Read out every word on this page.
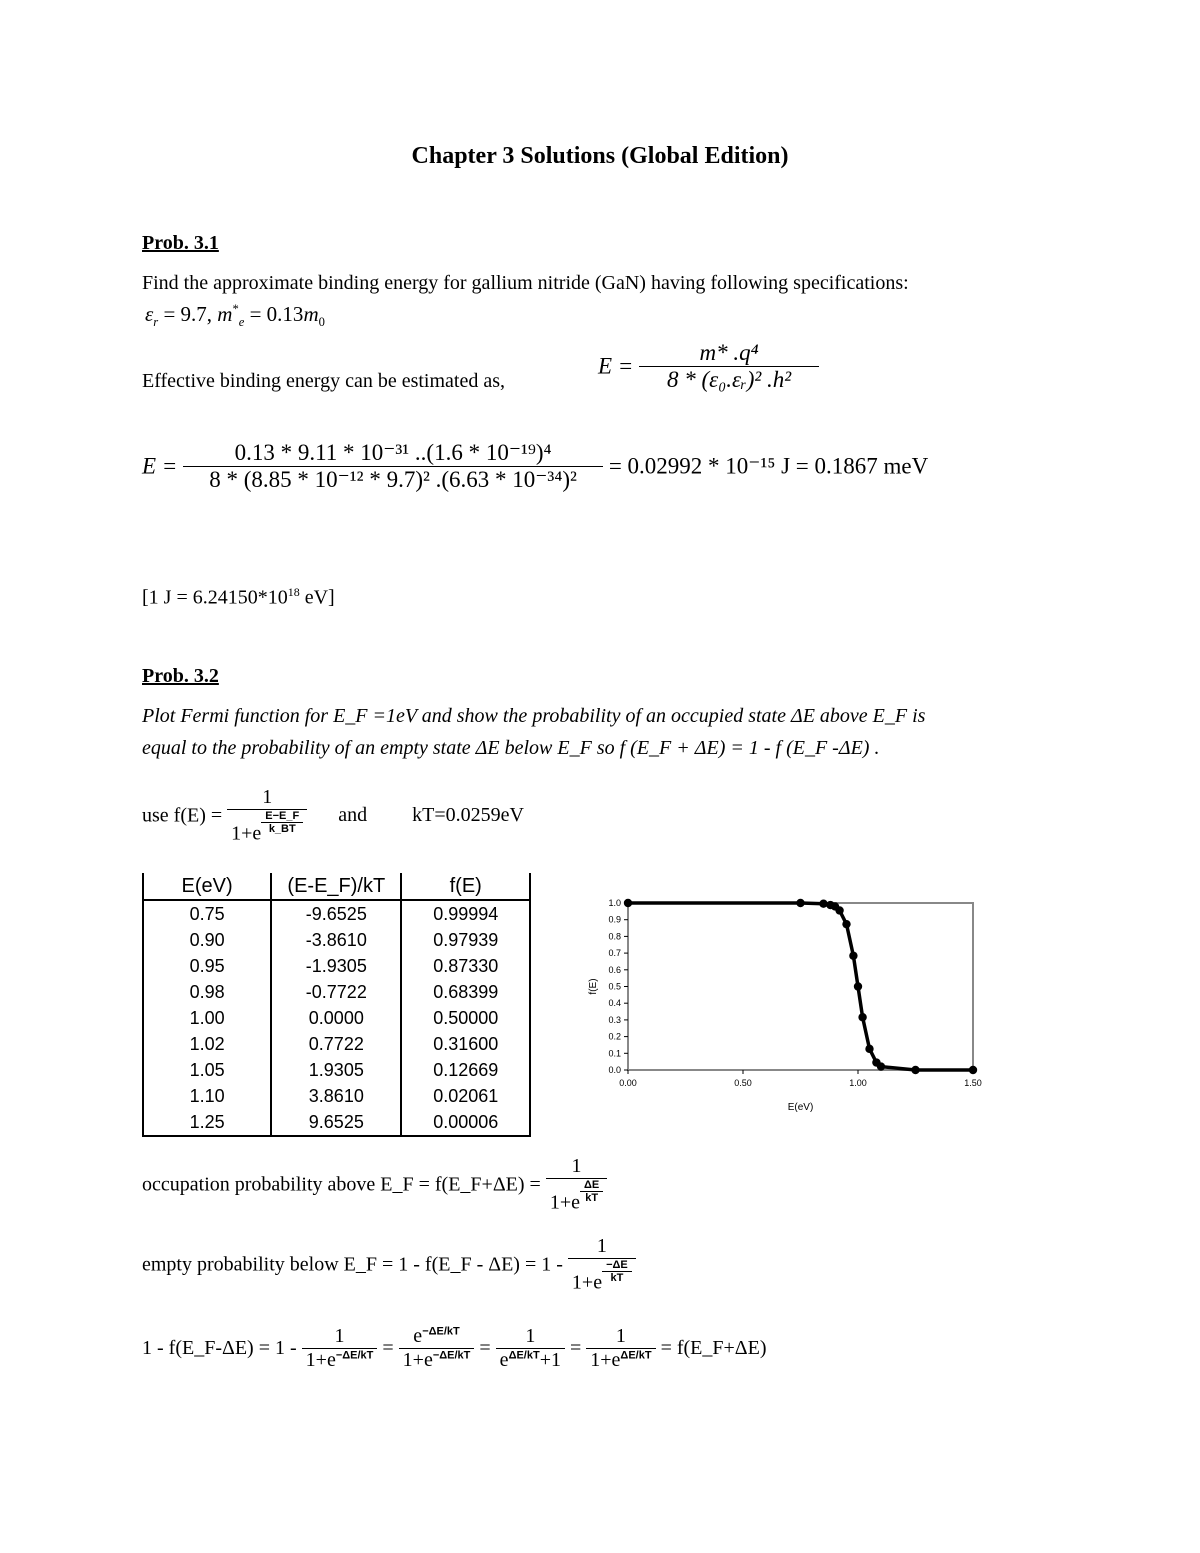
Chapter 3 Solutions (Global Edition)
Prob. 3.1
Find the approximate binding energy for gallium nitride (GaN) having following specifications:
$\varepsilon_r = 9.7$, $m^*_e = 0.13m_0$
Effective binding energy can be estimated as,
$E = \frac{\text{m* .q⁴}}{\text{8 * (ε₀.εᵣ)² .h²}}$
$E = \frac{\text{0.13 * 9.11 * 10⁻³¹ ..(1.6 * 10⁻¹⁹)⁴}}{\text{8 * (8.85 * 10⁻¹² * 9.7)² .(6.63 * 10⁻³⁴)²}} = 0.02992 * 10^{-15}$ J = 0.1867 meV
[1 $J = 6.24150*10^{18}$ eV]
Prob. 3.2
Plot Fermi function for E_F =1eV and show the probability of an occupied state ΔE above E_F is
equal to the probability of an empty state ΔE below E_F so f (E_F + ΔE) = 1 - f (E_F -ΔE) .
use $f(E) = \frac{1}{1+e \frac{E-E\_F}{k\_BT}}$ and kT=0.0259eV
E(eV)	(E-E_F)/kT	f(E)
0.75	-9.6525	0.99994
0.90	-3.8610	0.97939
0.95	-1.9305	0.87330
0.98	-0.7722	0.68399
1.00	0.0000	0.50000
1.02	0.7722	0.31600
1.05	1.9305	0.12669
1.10	3.8610	0.02061
1.25	9.6525	0.00006
0.0
0.1
0.2
0.3
0.4
0.5
0.6
0.7
0.8
0.9
1.0
0.00	0.50	1.00	1.50
E(eV)
f(E)
occupation probability above E_F = f(E_F+ΔE) = $\frac{1}{1+e \frac{\Delta E}{kT}}$
empty probability below E_F = 1 - f(E_F - $\Delta E) = 1 - \frac{1}{1+e \frac{-\Delta E}{kT}}$
1 - f(E_F-ΔE) = $1 - \frac{1}{1+e^{-\Delta E/kT}} = \frac{e^{-\Delta E/kT}}{1+e^{-\Delta E/kT}} = \frac{1}{e^{\Delta E/kT}+1} = \frac{1}{1+e^{\Delta E/kT}}$ = f(E_F+ΔE)
